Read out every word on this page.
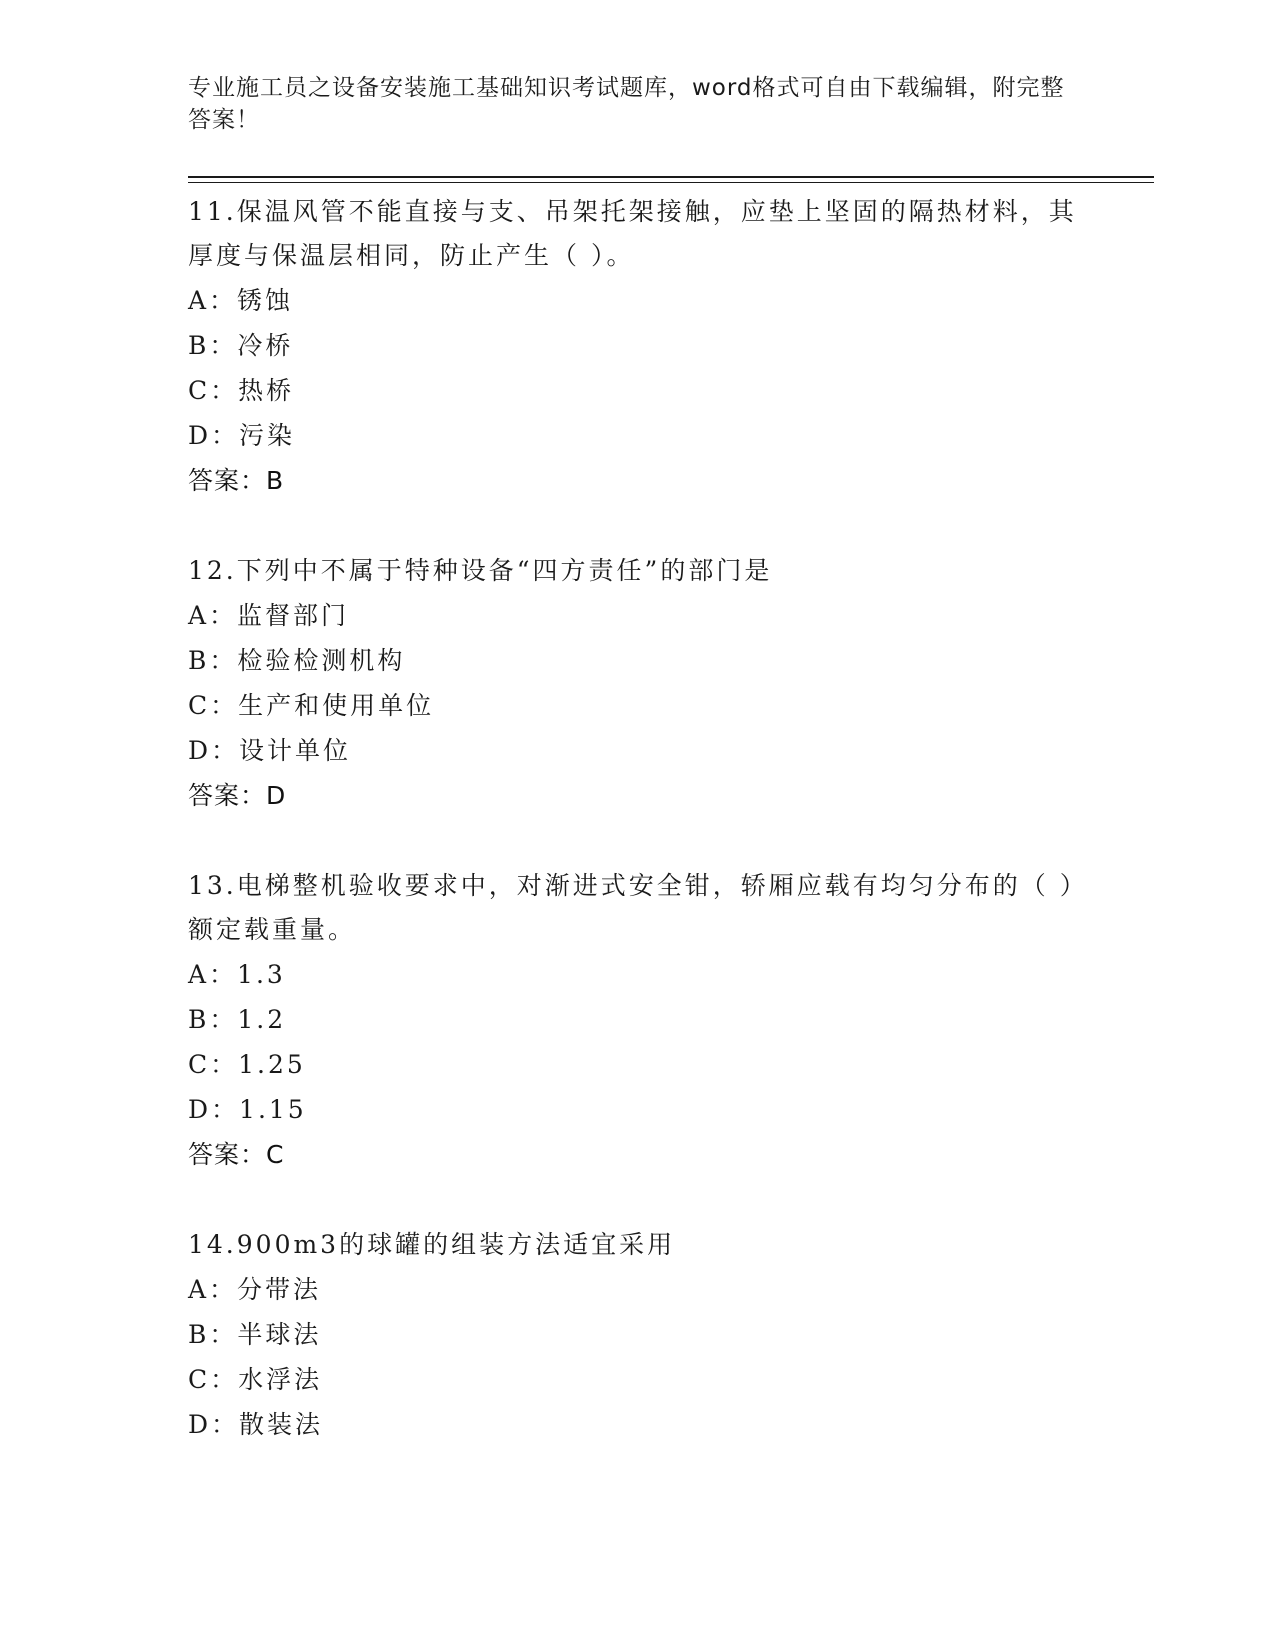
专业施工员之设备安装施工基础知识考试题库，word格式可自由下载编辑，附完整答案！

11.保温风管不能直接与支、吊架托架接触，应垫上坚固的隔热材料，其厚度与保温层相同，防止产生（ ）。

A：锈蚀

B：冷桥

C：热桥

D：污染

答案：B

12.下列中不属于特种设备“四方责任”的部门是

A：监督部门

B：检验检测机构

C：生产和使用单位

D：设计单位

答案：D

13.电梯整机验收要求中，对渐进式安全钳，轿厢应载有均匀分布的（ ）额定载重量。

A：1.3

B：1.2

C：1.25

D：1.15

答案：C

14.900m3的球罐的组装方法适宜采用

A：分带法

B：半球法

C：水浮法

D：散装法
